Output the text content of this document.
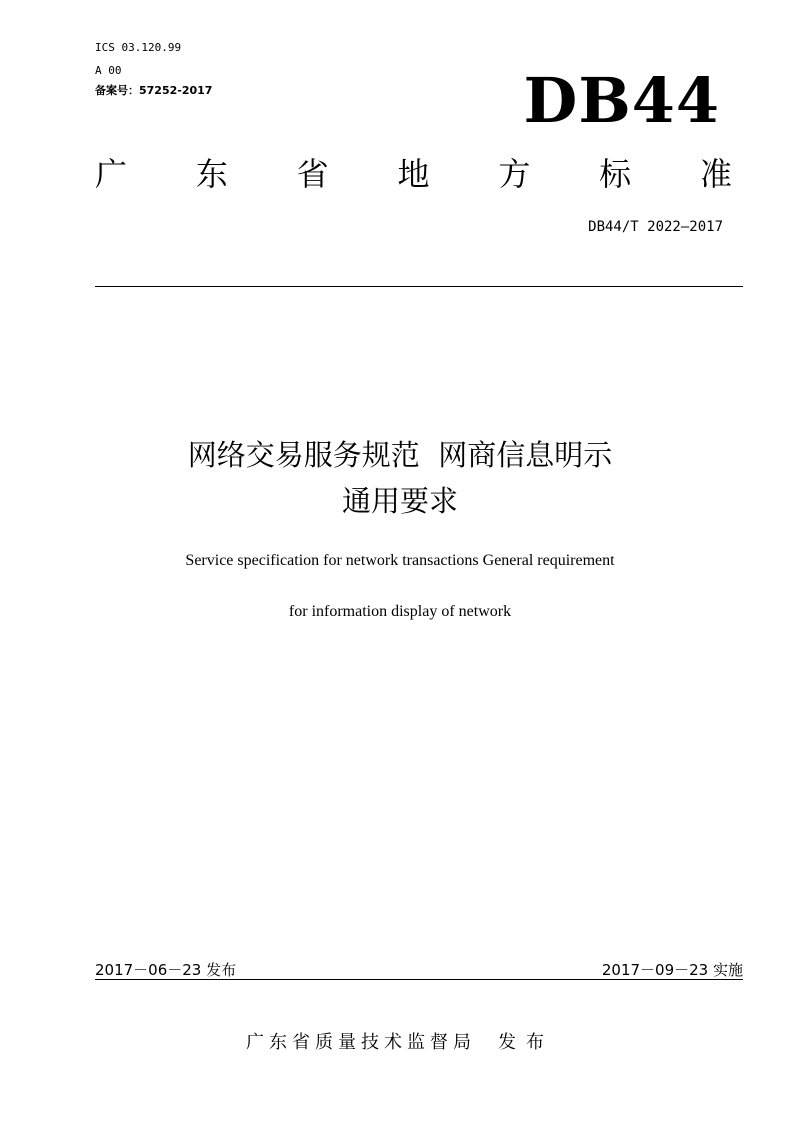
ICS 03.120.99
A 00
备案号：57252-2017	DB44
广 东 省 地 方 标 准
DB44/T 2022—2017
网络交易服务规范  网商信息明示
通用要求
Service specification for network transactions General requirement
for information display of network
2017－06－23 发布	2017－09－23 实施
广东省质量技术监督局 发布
